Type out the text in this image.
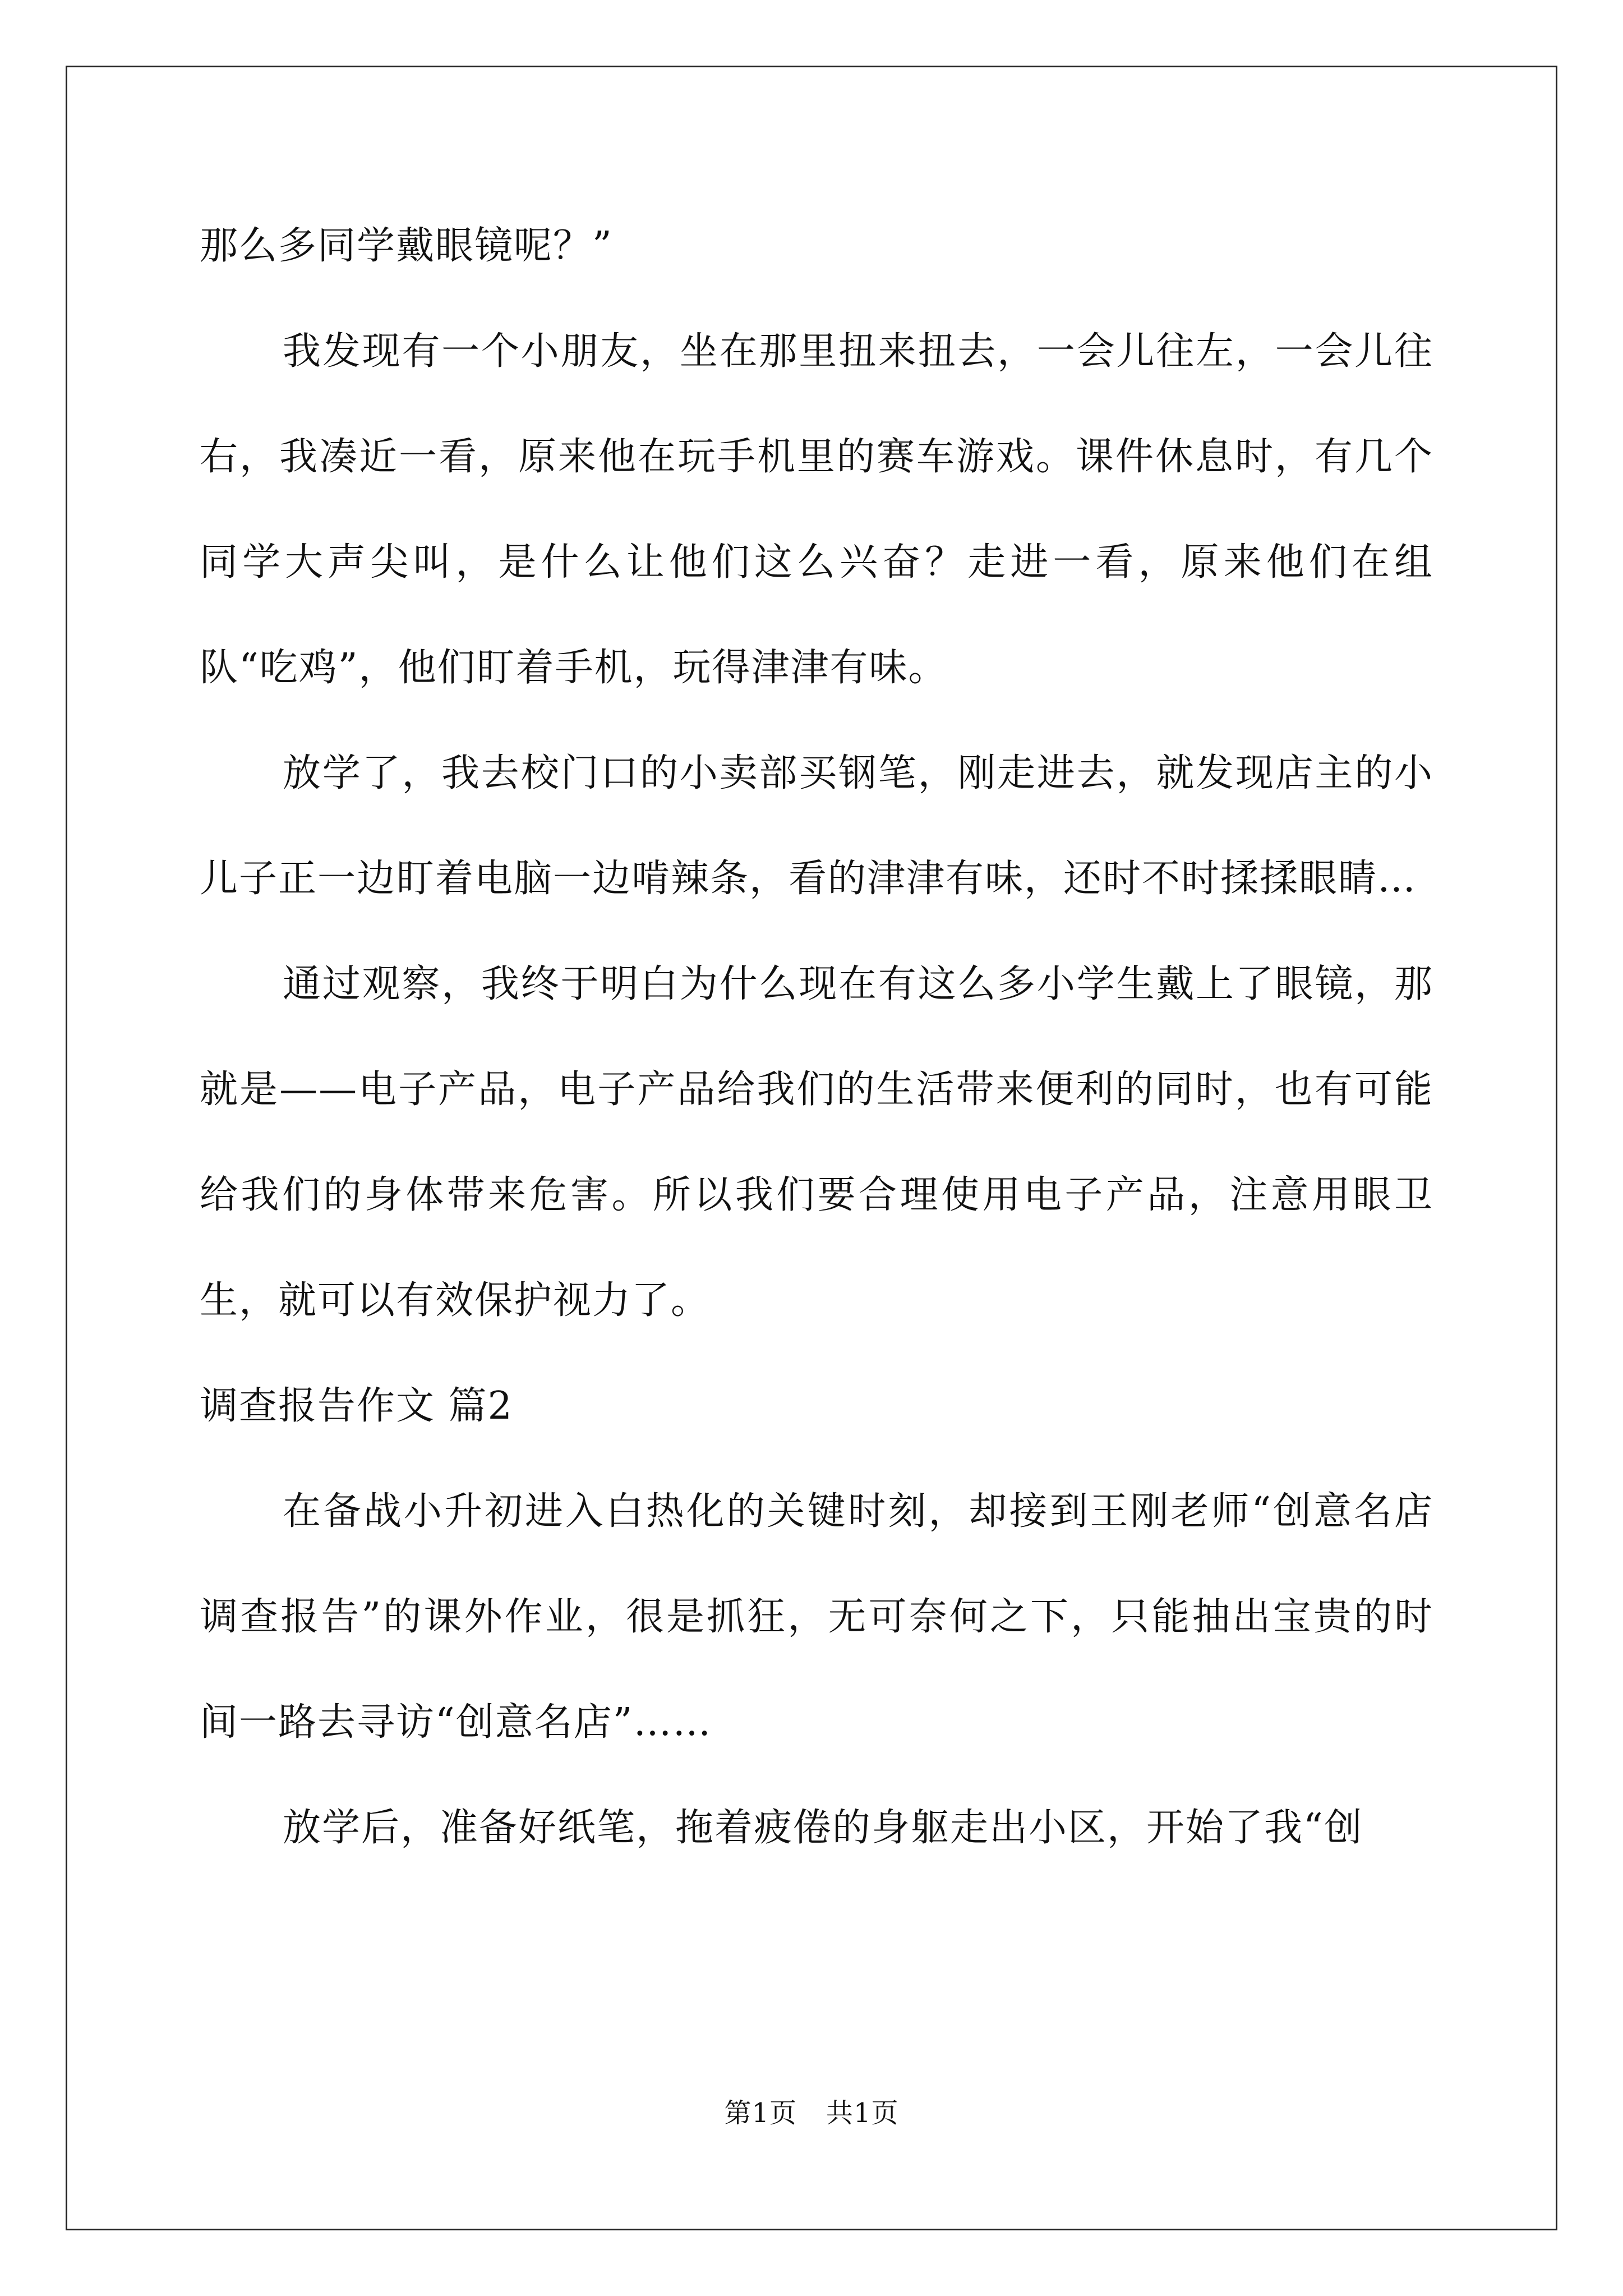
那么多同学戴眼镜呢？”

我发现有一个小朋友，坐在那里扭来扭去，一会儿往左，一会儿往右，我凑近一看，原来他在玩手机里的赛车游戏。课件休息时，有几个同学大声尖叫，是什么让他们这么兴奋？走进一看，原来他们在组队“吃鸡”，他们盯着手机，玩得津津有味。

放学了，我去校门口的小卖部买钢笔，刚走进去，就发现店主的小儿子正一边盯着电脑一边啃辣条，看的津津有味，还时不时揉揉眼睛…

通过观察，我终于明白为什么现在有这么多小学生戴上了眼镜，那就是——电子产品，电子产品给我们的生活带来便利的同时，也有可能给我们的身体带来危害。所以我们要合理使用电子产品，注意用眼卫生，就可以有效保护视力了。

调查报告作文 篇2

在备战小升初进入白热化的关键时刻，却接到王刚老师“创意名店调查报告”的课外作业，很是抓狂，无可奈何之下，只能抽出宝贵的时间一路去寻访“创意名店”……

放学后，准备好纸笔，拖着疲倦的身躯走出小区，开始了我“创

第1页 共1页
